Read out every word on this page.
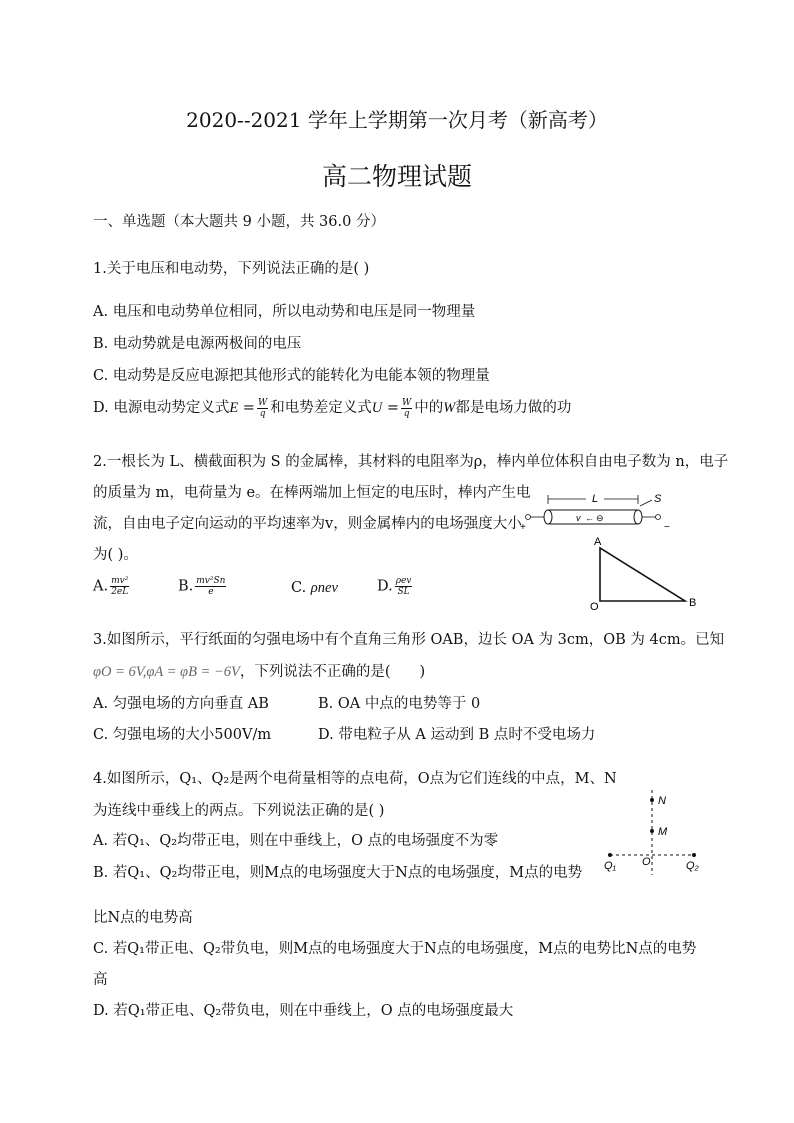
2020--2021 学年上学期第一次月考（新高考）
高二物理试题
一、单选题（本大题共 9 小题，共 36.0 分）
1.关于电压和电动势，下列说法正确的是( )
A. 电压和电动势单位相同，所以电动势和电压是同一物理量
B. 电动势就是电源两极间的电压
C. 电动势是反应电源把其他形式的能转化为电能本领的物理量
D. 电源电动势定义式$E = \frac{W}{q}$ 和电势差定义式$U = \frac{W}{q}$ 中的W都是电场力做的功
2.一根长为 L、横截面积为 S 的金属棒，其材料的电阻率为ρ，棒内单位体积自由电子数为 n，电子
的质量为 m，电荷量为 e。在棒两端加上恒定的电压时，棒内产生电
流，自由电子定向运动的平均速率为v，则金属棒内的电场强度大小
为( )。
A. $\frac{\text{mv²}}{2eL}$	B. $\frac{\text{mv²Sn}}{e}$	C. ρnev	D. $\frac{\text{ρev}}{SL}$
L
+	−
v ← ⊖
S
A
O	B
3.如图所示，平行纸面的匀强电场中有个直角三角形 OAB，边长 OA 为 3cm，OB 为 4cm。已知
φO = 6V,φA = φB = −6V，下列说法不正确的是(　　)
A. 匀强电场的方向垂直 AB	B. OA 中点的电势等于 0
C. 匀强电场的大小500V/m	D. 带电粒子从 A 运动到 B 点时不受电场力
4.如图所示，Q₁、Q₂是两个电荷量相等的点电荷，O点为它们连线的中点，M、N
为连线中垂线上的两点。下列说法正确的是( )
A. 若Q₁、Q₂均带正电，则在中垂线上，O 点的电场强度不为零
B. 若Q₁、Q₂均带正电，则M点的电场强度大于N点的电场强度，M点的电势
比N点的电势高
C. 若Q₁带正电、Q₂带负电，则M点的电场强度大于N点的电场强度，M点的电势比N点的电势
高
D. 若Q₁带正电、Q₂带负电，则在中垂线上，O 点的电场强度最大
N
M
O
Q₁	Q₂
